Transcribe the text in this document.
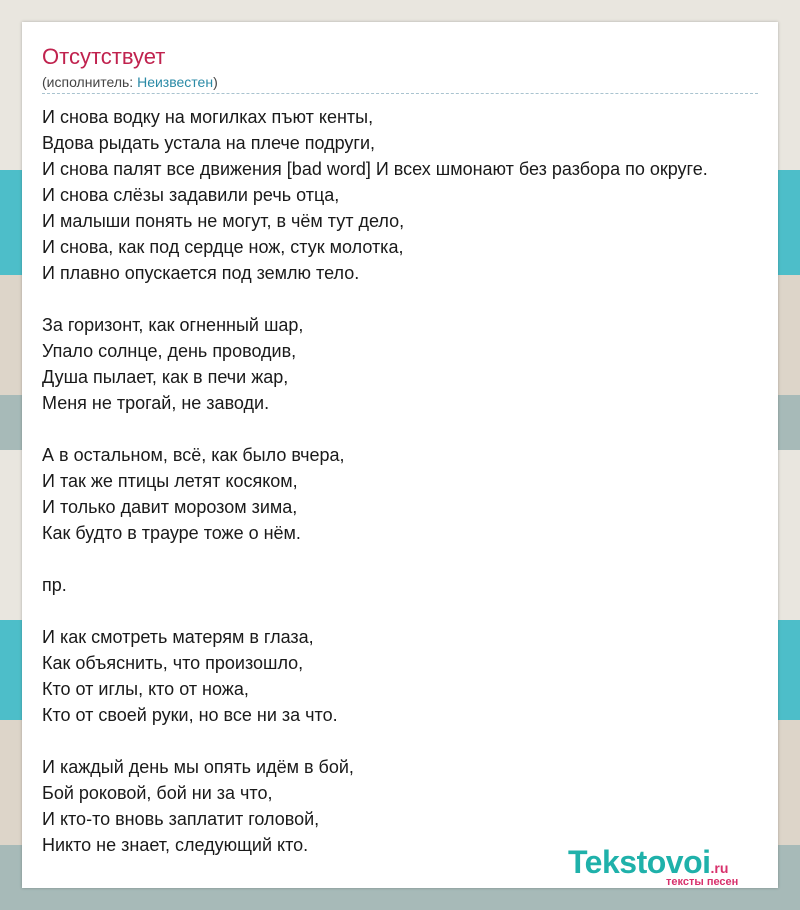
Отсутствует
(исполнитель: Неизвестен)
И снова водку на могилках пъют кенты,
Вдова рыдать устала на плече подруги,
И снова палят все движения [bad word] И всех шмонают без разбора по округе.
И снова слёзы задавили речь отца,
И малыши понять не могут, в чём тут дело,
И снова, как под сердце нож, стук молотка,
И плавно опускается под землю тело.
За горизонт, как огненный шар,
Упало солнце, день проводив,
Душа пылает, как в печи жар,
Меня не трогай, не заводи.
А в остальном, всё, как было вчера,
И так же птицы летят косяком,
И только давит морозом зима,
Как будто в трауре тоже о нём.
пр.
И как смотреть матерям в глаза,
Как объяснить, что произошло,
Кто от иглы, кто от ножа,
Кто от своей руки, но все ни за что.
И каждый день мы опять идём в бой,
Бой роковой, бой ни за что,
И кто-то вновь заплатит головой,
Никто не знает, следующий кто.	Tekstovoi.ru
тексты песен
